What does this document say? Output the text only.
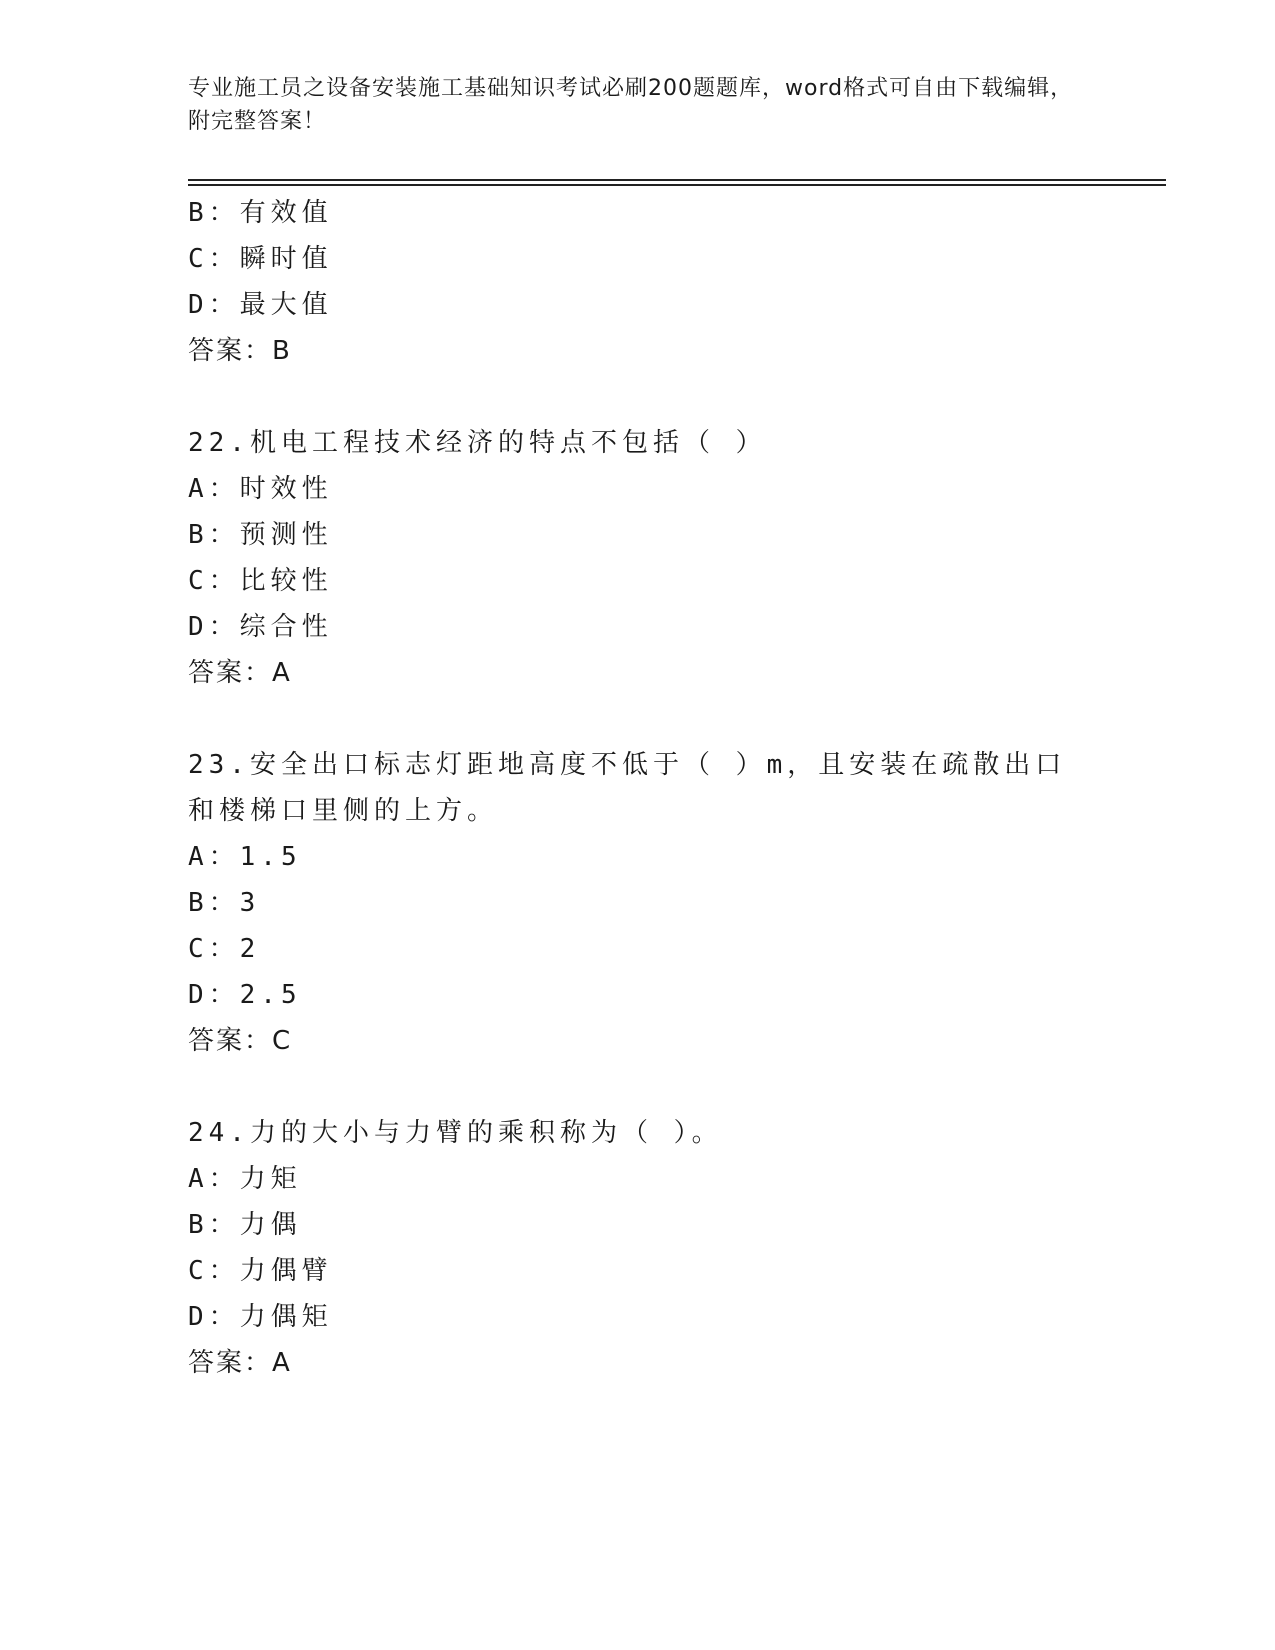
专业施工员之设备安装施工基础知识考试必刷200题题库，word格式可自由下载编辑，附完整答案！
B：有效值
C：瞬时值
D：最大值
答案：B
22.机电工程技术经济的特点不包括（ ）
A：时效性
B：预测性
C：比较性
D：综合性
答案：A
23.安全出口标志灯距地高度不低于（ ）m，且安装在疏散出口和楼梯口里侧的上方。
A：1.5
B：3
C：2
D：2.5
答案：C
24.力的大小与力臂的乘积称为（ ）。
A：力矩
B：力偶
C：力偶臂
D：力偶矩
答案：A
